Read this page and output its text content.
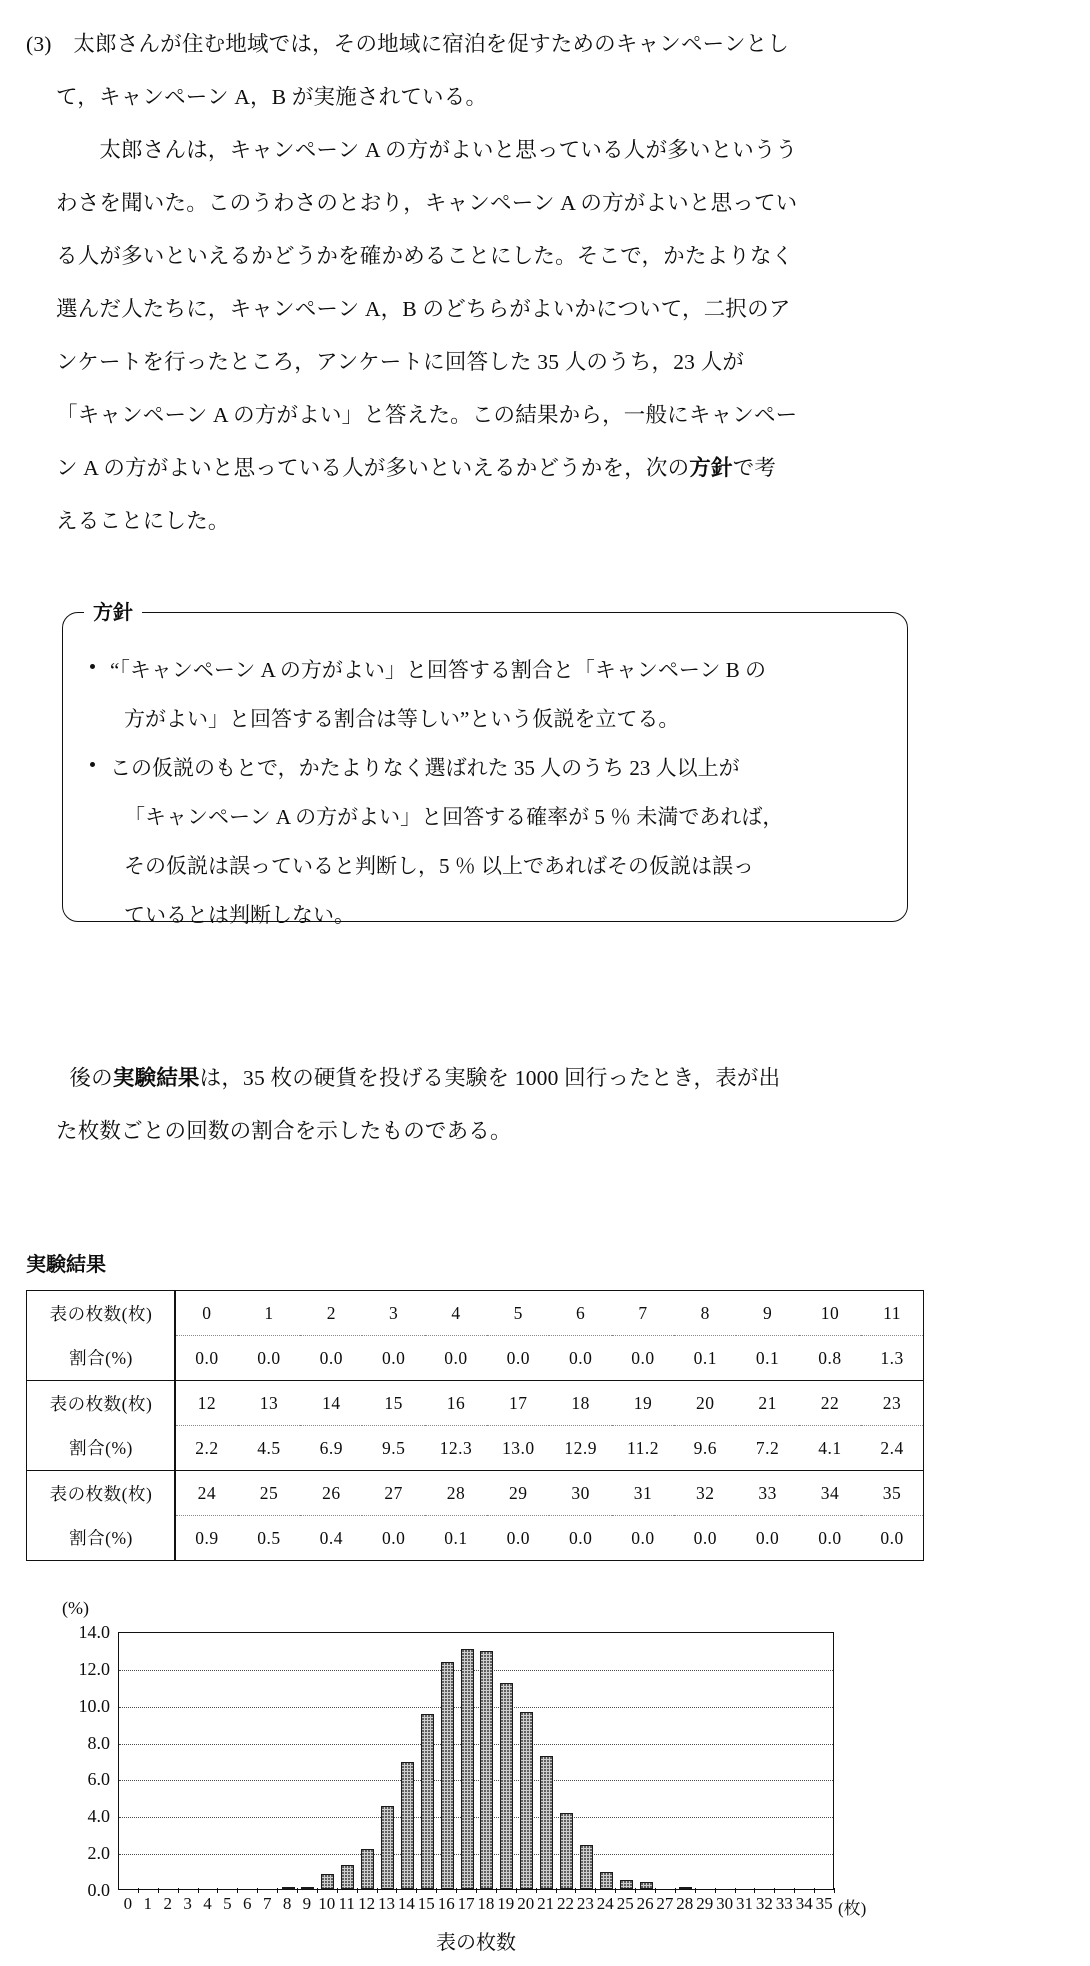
(3)　太郎さんが住む地域では，その地域に宿泊を促すためのキャンペーンとし
て，キャンペーン A，B が実施されている。
　　太郎さんは，キャンペーン A の方がよいと思っている人が多いというう
わさを聞いた。このうわさのとおり，キャンペーン A の方がよいと思ってい
る人が多いといえるかどうかを確かめることにした。そこで，かたよりなく
選んだ人たちに，キャンペーン A，B のどちらがよいかについて，二択のア
ンケートを行ったところ，アンケートに回答した 35 人のうち，23 人が
「キャンペーン A の方がよい」と答えた。この結果から，一般にキャンペー
ン A の方がよいと思っている人が多いといえるかどうかを，次の方針で考
えることにした。
方針
“「キャンペーン A の方がよい」と回答する割合と「キャンペーン B の
方がよい」と回答する割合は等しい”という仮説を立てる。
この仮説のもとで，かたよりなく選ばれた 35 人のうち 23 人以上が
「キャンペーン A の方がよい」と回答する確率が 5 ％ 未満であれば，
その仮説は誤っていると判断し，5 ％ 以上であればその仮説は誤っ
ているとは判断しない。
　　後の実験結果は，35 枚の硬貨を投げる実験を 1000 回行ったとき，表が出
た枚数ごとの回数の割合を示したものである。
実験結果
表の枚数(枚)	0	1	2	3	4	5	6	7	8	9	10	11
割合(%)	0.0	0.0	0.0	0.0	0.0	0.0	0.0	0.0	0.1	0.1	0.8	1.3
表の枚数(枚)	12	13	14	15	16	17	18	19	20	21	22	23
割合(%)	2.2	4.5	6.9	9.5	12.3	13.0	12.9	11.2	9.6	7.2	4.1	2.4
表の枚数(枚)	24	25	26	27	28	29	30	31	32	33	34	35
割合(%)	0.9	0.5	0.4	0.0	0.1	0.0	0.0	0.0	0.0	0.0	0.0	0.0
(%)
0.0
2.0
4.0
6.0
8.0
10.0
12.0
14.0
0 1 2 3 4 5 6 7 8 9 10 11 12 13 14 15 16 17 18 19 20 21 22 23 24 25 26 27 28 29 30 31 32 33 34 35 (枚)
表の枚数
